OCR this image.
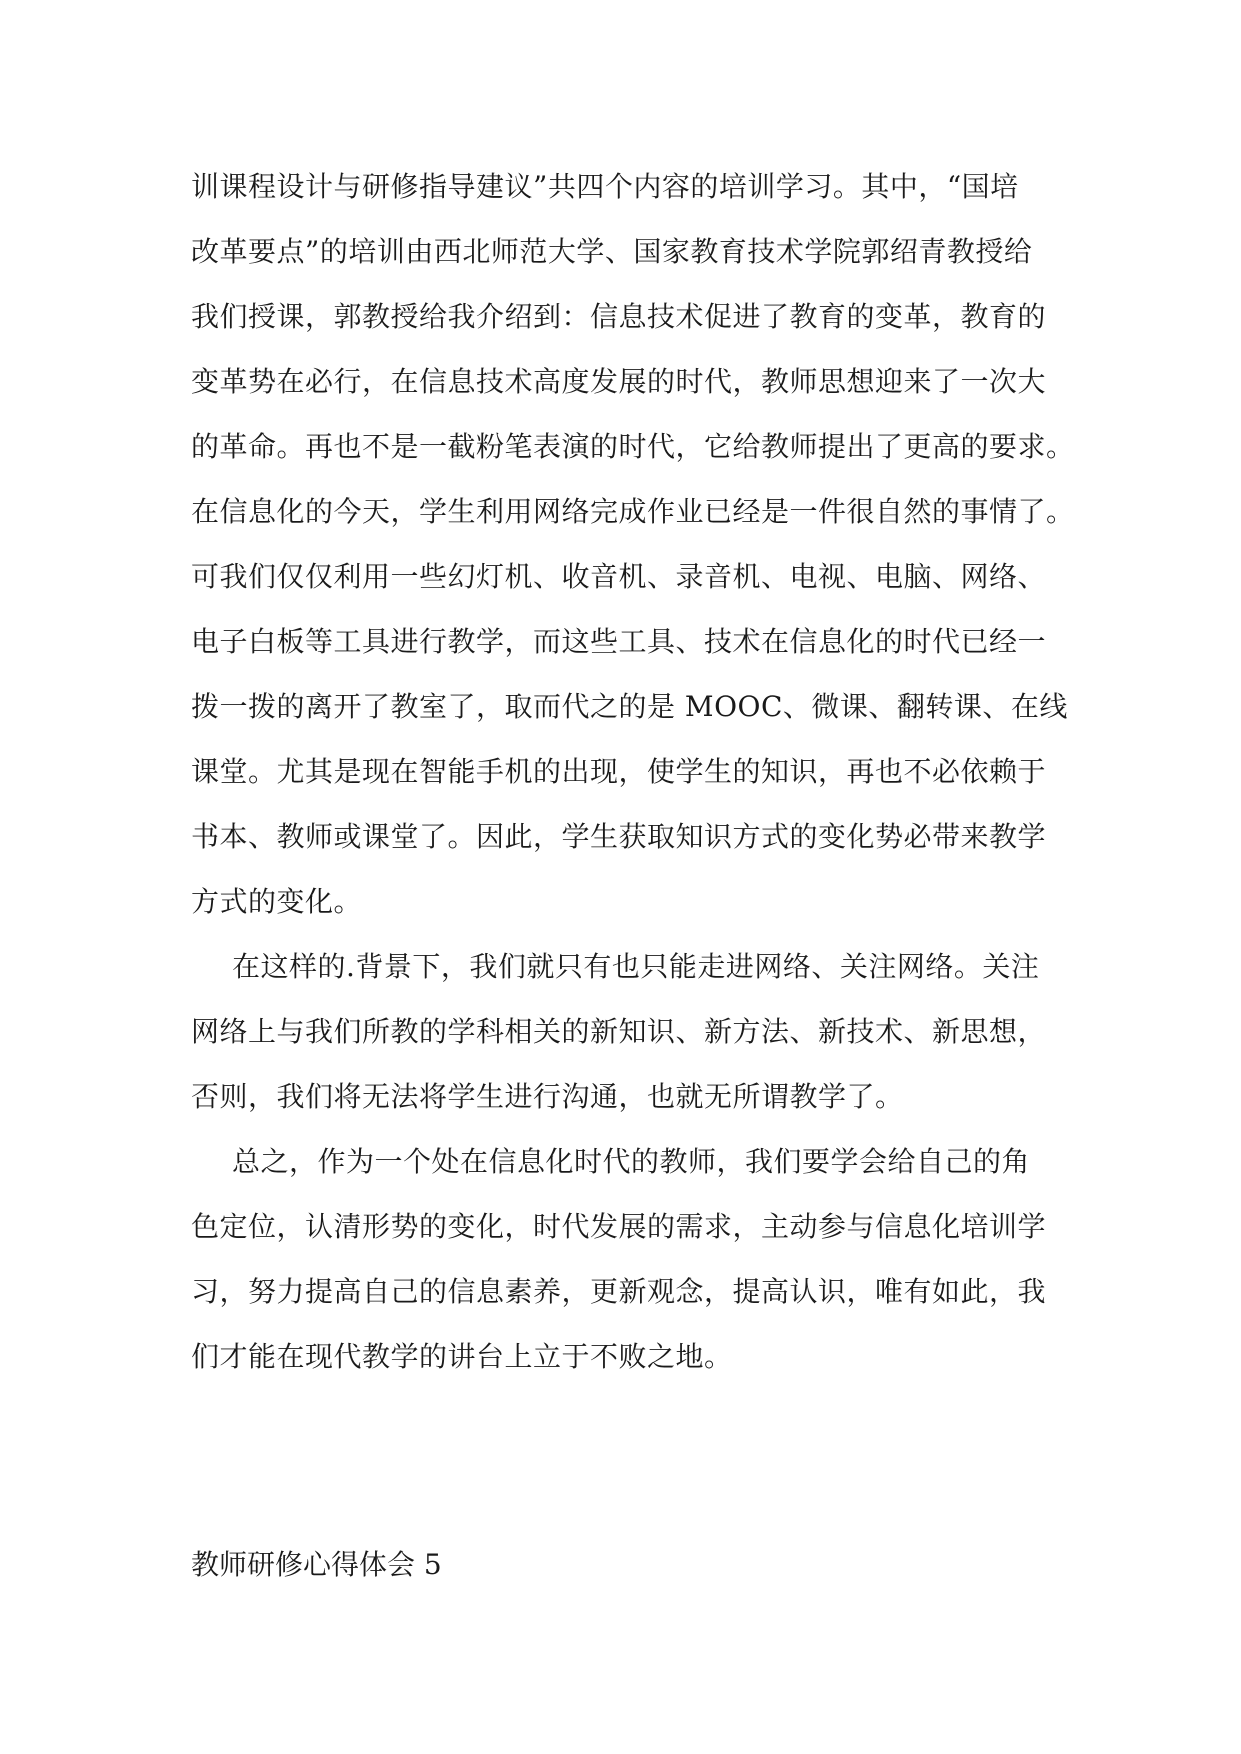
训课程设计与研修指导建议”共四个内容的培训学习。其中，“国培
改革要点”的培训由西北师范大学、国家教育技术学院郭绍青教授给
我们授课，郭教授给我介绍到：信息技术促进了教育的变革，教育的
变革势在必行，在信息技术高度发展的时代，教师思想迎来了一次大
的革命。再也不是一截粉笔表演的时代，它给教师提出了更高的要求。
在信息化的今天，学生利用网络完成作业已经是一件很自然的事情了。
可我们仅仅利用一些幻灯机、收音机、录音机、电视、电脑、网络、
电子白板等工具进行教学，而这些工具、技术在信息化的时代已经一
拨一拨的离开了教室了，取而代之的是 MOOC、微课、翻转课、在线
课堂。尤其是现在智能手机的出现，使学生的知识，再也不必依赖于
书本、教师或课堂了。因此，学生获取知识方式的变化势必带来教学
方式的变化。
在这样的.背景下，我们就只有也只能走进网络、关注网络。关注
网络上与我们所教的学科相关的新知识、新方法、新技术、新思想，
否则，我们将无法将学生进行沟通，也就无所谓教学了。
总之，作为一个处在信息化时代的教师，我们要学会给自己的角
色定位，认清形势的变化，时代发展的需求，主动参与信息化培训学
习，努力提高自己的信息素养，更新观念，提高认识，唯有如此，我
们才能在现代教学的讲台上立于不败之地。
教师研修心得体会 5
